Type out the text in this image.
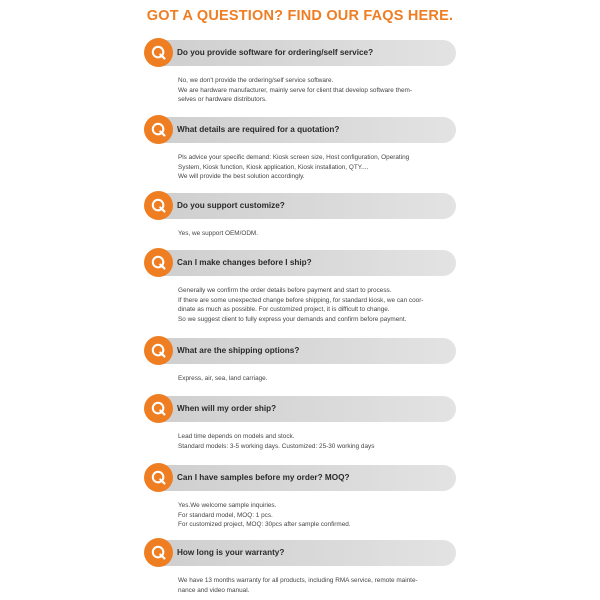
GOT A QUESTION? FIND OUR FAQS HERE.
Do you provide software for ordering/self service?
No, we don't provide the ordering/self service software.
We are hardware manufacturer, mainly serve for client that develop software them-
selves or hardware distributors.
What details are required for a quotation?
Pls advice your specific demand: Kiosk screen size, Host configuration, Operating
System, Kiosk function, Kiosk application, Kiosk installation, QTY....
We will provide the best solution accordingly.
Do you support customize?
Yes, we support OEM/ODM.
Can I make changes before I ship?
Generally we confirm the order details before payment and start to process.
If there are some unexpected change before shipping, for standard kiosk, we can coor-
dinate as much as possible. For customized project, it is difficult to change.
So we suggest client to fully express your demands and confirm before payment.
What are the shipping options?
Express, air, sea, land carriage.
When will my order ship?
Lead time depends on models and stock.
Standard models: 3-5 working days. Customized: 25-30 working days
Can I have samples before my order? MOQ?
Yes.We welcome sample inquiries.
For standard model, MOQ: 1 pcs.
For customized project, MOQ: 30pcs after sample confirmed.
How long is your warranty?
We have 13 months warranty for all products, including RMA service, remote mainte-
nance and video manual.
